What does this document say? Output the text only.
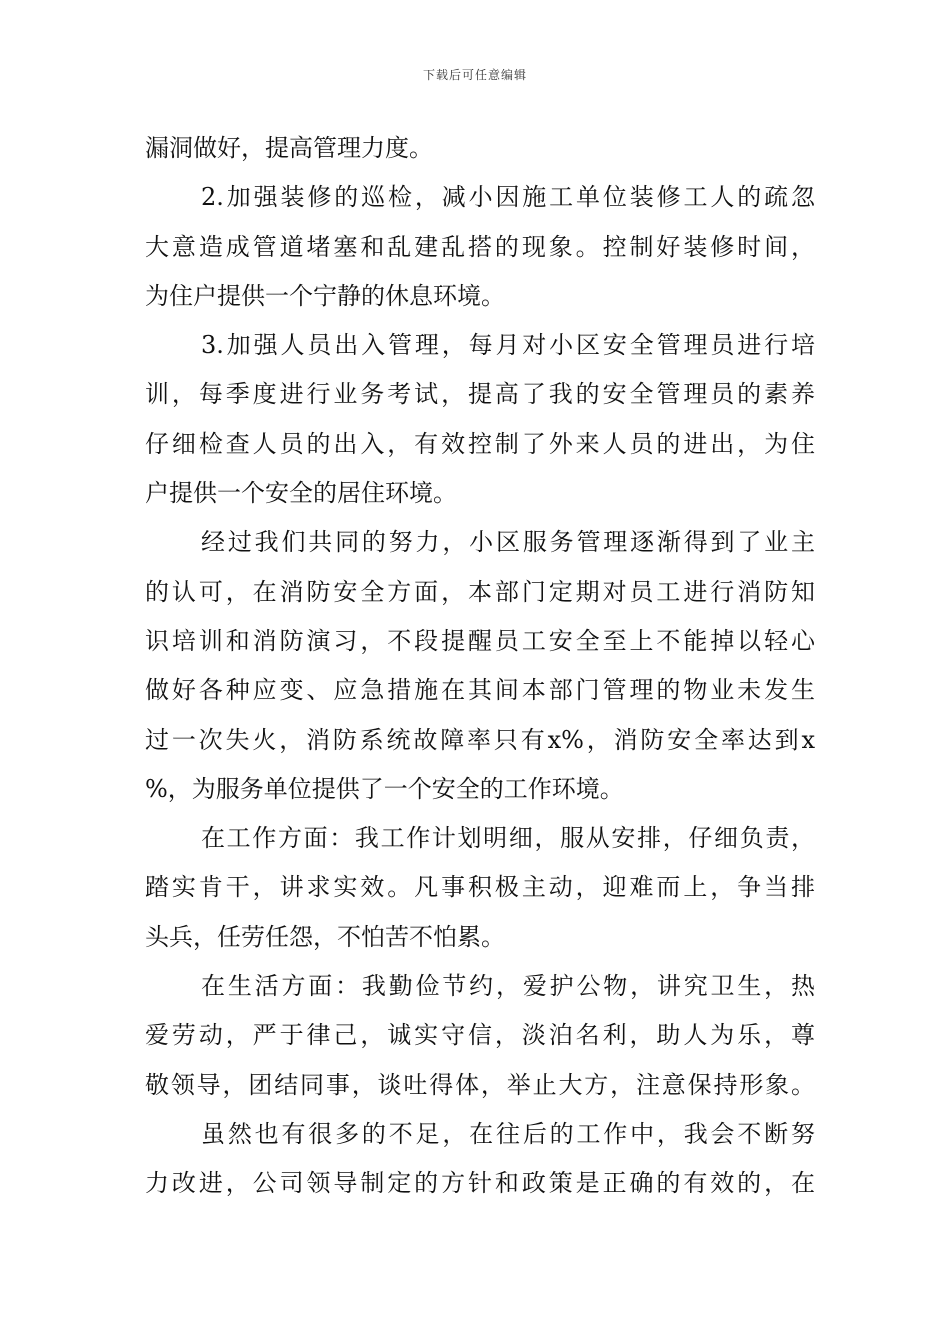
下载后可任意编辑
漏洞做好，提高管理力度。
2.加强装修的巡检，减小因施工单位装修工人的疏忽
大意造成管道堵塞和乱建乱搭的现象。控制好装修时间，
为住户提供一个宁静的休息环境。
3.加强人员出入管理，每月对小区安全管理员进行培
训，每季度进行业务考试，提高了我的安全管理员的素养
仔细检查人员的出入，有效控制了外来人员的进出，为住
户提供一个安全的居住环境。
经过我们共同的努力，小区服务管理逐渐得到了业主
的认可，在消防安全方面，本部门定期对员工进行消防知
识培训和消防演习，不段提醒员工安全至上不能掉以轻心
做好各种应变、应急措施在其间本部门管理的物业未发生
过一次失火，消防系统故障率只有x%，消防安全率达到x
%，为服务单位提供了一个安全的工作环境。
在工作方面：我工作计划明细，服从安排，仔细负责，
踏实肯干，讲求实效。凡事积极主动，迎难而上，争当排
头兵，任劳任怨，不怕苦不怕累。
在生活方面：我勤俭节约，爱护公物，讲究卫生，热
爱劳动，严于律己，诚实守信，淡泊名利，助人为乐，尊
敬领导，团结同事，谈吐得体，举止大方，注意保持形象。
虽然也有很多的不足，在往后的工作中，我会不断努
力改进，公司领导制定的方针和政策是正确的有效的，在
